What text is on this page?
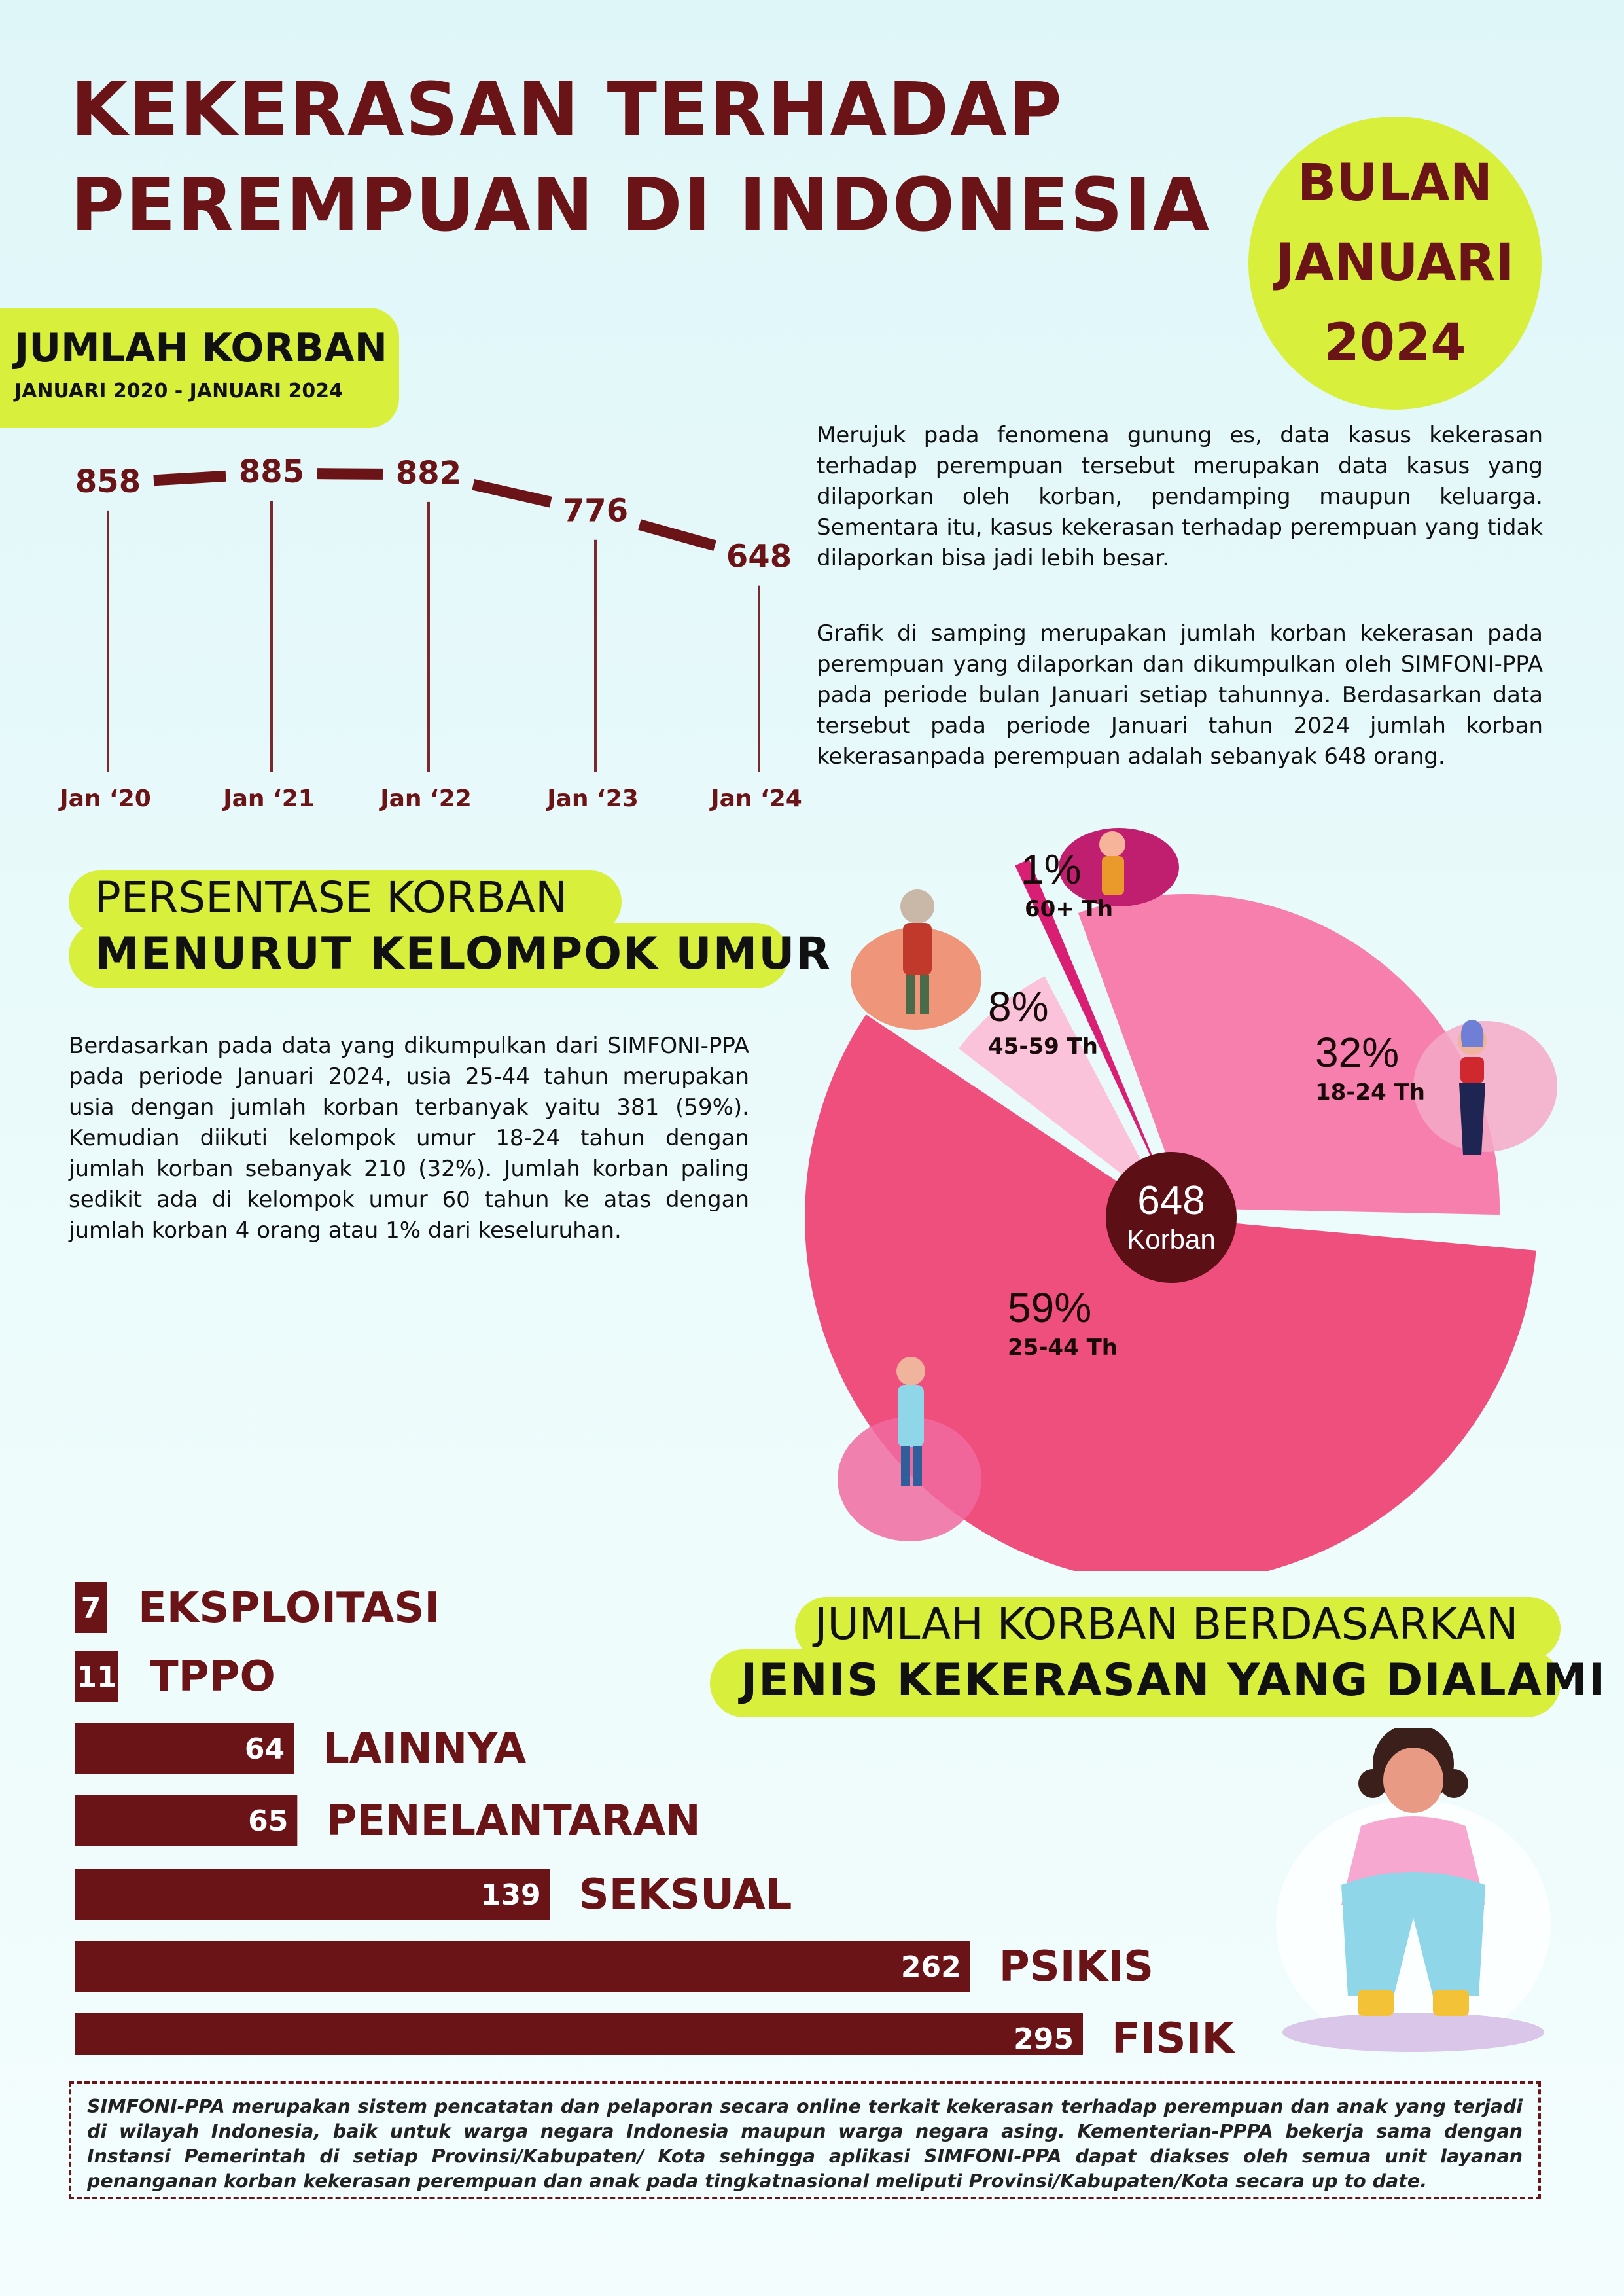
KEKERASAN TERHADAP
PEREMPUAN DI INDONESIA	BULAN
JANUARI
2024
JUMLAH KORBAN
JANUARI 2020 - JANUARI 2024
858
Jan ‘20
885
Jan ‘21
882
Jan ‘22
776
Jan ‘23
648
Jan ‘24
Merujuk pada fenomena gunung es, data kasus kekerasan terhadap perempuan tersebut merupakan data kasus yang dilaporkan oleh korban, pendamping maupun keluarga. Sementara itu, kasus kekerasan terhadap perempuan yang tidak dilaporkan bisa jadi lebih besar.
Grafik di samping merupakan jumlah korban kekerasan pada perempuan yang dilaporkan dan dikumpulkan oleh SIMFONI-PPA pada periode bulan Januari setiap tahunnya. Berdasarkan data tersebut pada periode Januari tahun 2024 jumlah korban kekerasanpada perempuan adalah sebanyak 648 orang.
PERSENTASE KORBAN
MENURUT KELOMPOK UMUR
Berdasarkan pada data yang dikumpulkan dari SIMFONI-PPA pada periode Januari 2024, usia 25-44 tahun merupakan usia dengan jumlah korban terbanyak yaitu 381 (59%). Kemudian diikuti kelompok umur 18-24 tahun dengan jumlah korban sebanyak 210 (32%). Jumlah korban paling sedikit ada di kelompok umur 60 tahun ke atas dengan jumlah korban 4 orang atau 1% dari keseluruhan.
32%
18-24 Th
59%
25-44 Th
8%
45-59 Th
1%
60+ Th
648
Korban
JUMLAH KORBAN BERDASARKAN
JENIS KEKERASAN YANG DIALAMI
7 EKSPLOITASI
11 TPPO
64 LAINNYA
65 PENELANTARAN
139 SEKSUAL
262 PSIKIS
295 FISIK
SIMFONI-PPA merupakan sistem pencatatan dan pelaporan secara online terkait kekerasan terhadap perempuan dan anak yang terjadi di wilayah Indonesia, baik untuk warga negara Indonesia maupun warga negara asing. Kementerian-PPPA bekerja sama dengan Instansi Pemerintah di setiap Provinsi/Kabupaten/ Kota sehingga aplikasi SIMFONI-PPA dapat diakses oleh semua unit layanan penanganan korban kekerasan perempuan dan anak pada tingkatnasional meliputi Provinsi/Kabupaten/Kota secara up to date.
